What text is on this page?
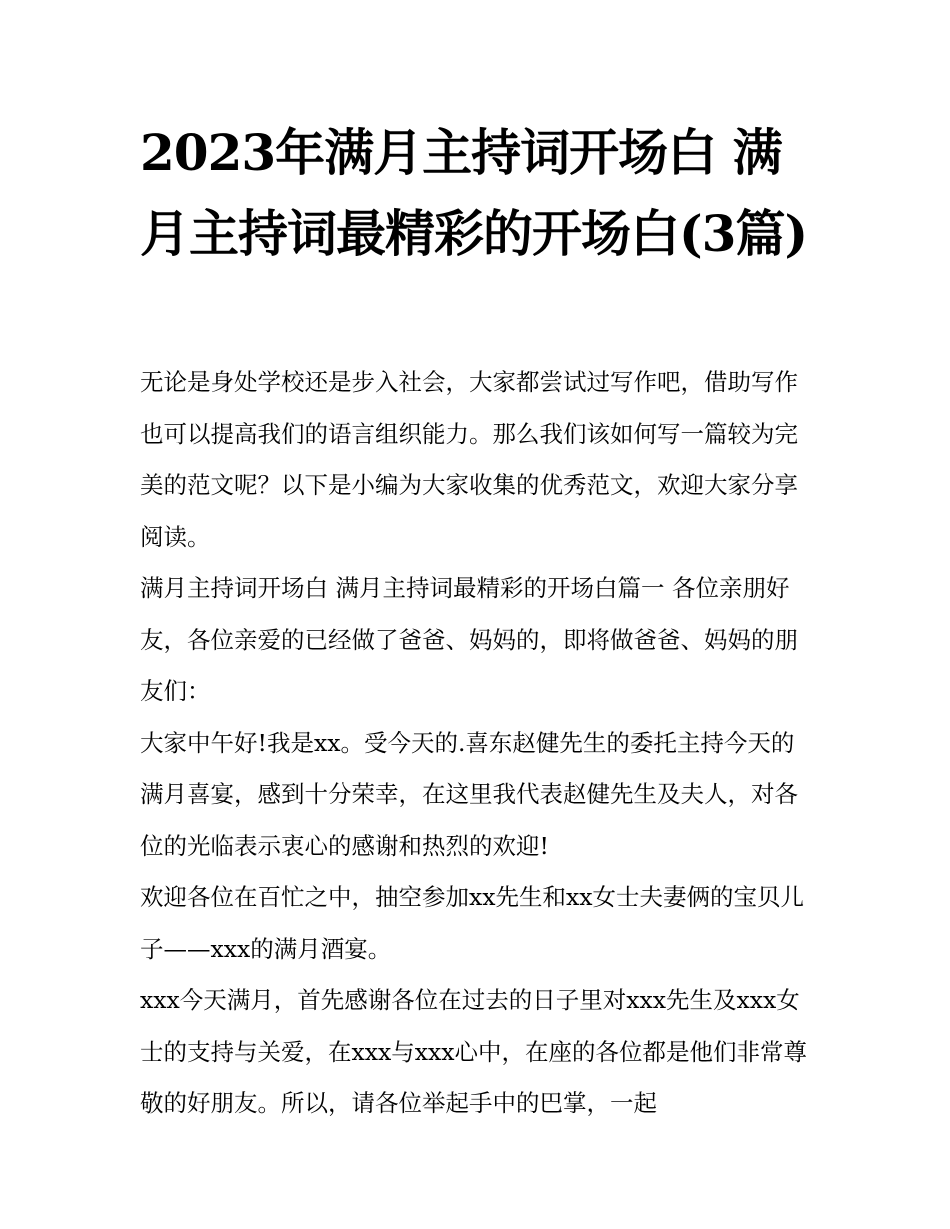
2023年满月主持词开场白 满月主持词最精彩的开场白(3篇)

无论是身处学校还是步入社会，大家都尝试过写作吧，借助写作也可以提高我们的语言组织能力。那么我们该如何写一篇较为完美的范文呢？以下是小编为大家收集的优秀范文，欢迎大家分享阅读。

满月主持词开场白 满月主持词最精彩的开场白篇一 各位亲朋好友，各位亲爱的已经做了爸爸、妈妈的，即将做爸爸、妈妈的朋友们：

大家中午好!我是xx。受今天的.喜东赵健先生的委托主持今天的满月喜宴，感到十分荣幸，在这里我代表赵健先生及夫人，对各位的光临表示衷心的感谢和热烈的欢迎!

欢迎各位在百忙之中，抽空参加xx先生和xx女士夫妻俩的宝贝儿子——xxx的满月酒宴。

xxx今天满月，首先感谢各位在过去的日子里对xxx先生及xxx女士的支持与关爱，在xxx与xxx心中，在座的各位都是他们非常尊敬的好朋友。所以，请各位举起手中的巴掌，一起
